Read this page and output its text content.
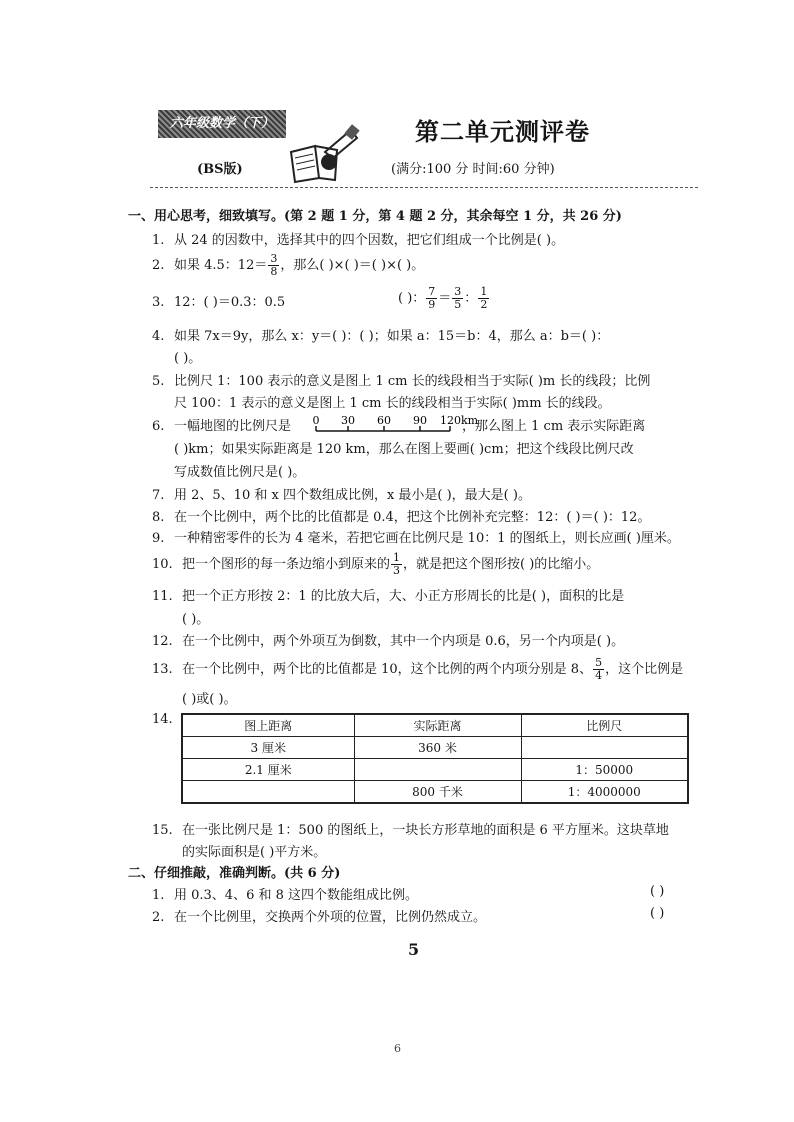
六年级数学（下）	第二单元测评卷
(BS版)	(满分:100 分 时间:60 分钟)
一、用心思考，细致填写。(第 2 题 1 分，第 4 题 2 分，其余每空 1 分，共 26 分)
1. 从 24 的因数中，选择其中的四个因数，把它们组成一个比例是( )。
2. 如果 4.5：$12= \frac{3}{8}$ ，那么( )×( )＝( )×( )。
3. 12：( )＝0.3：0.5	( )： $\frac{7}{9} = \frac{3}{5}$ ： $\frac{1}{2}$
4. 如果 7x＝9y，那么 x：y＝( )：( )；如果 a：15＝b：4，那么 a：b＝( )：
( )。
5. 比例尺 1：100 表示的意义是图上 1 cm 长的线段相当于实际( )m 长的线段；比例
尺 100：1 表示的意义是图上 1 cm 长的线段相当于实际( )mm 长的线段。
6. 一幅地图的比例尺是 0 30 60 90 120km
，那么图上 1 cm 表示实际距离
( )km；如果实际距离是 120 km，那么在图上要画( )cm；把这个线段比例尺改
写成数值比例尺是( )。
7. 用 2、5、10 和 x 四个数组成比例，x 最小是( )，最大是( )。
8. 在一个比例中，两个比的比值都是 0.4，把这个比例补充完整：12：( )＝( )：12。
9. 一种精密零件的长为 4 毫米，若把它画在比例尺是 10：1 的图纸上，则长应画( )厘米。
10. 把一个图形的每一条边缩小到原来的 $\frac{1}{3}$ ，就是把这个图形按( )的比缩小。
11. 把一个正方形按 2：1 的比放大后，大、小正方形周长的比是( )，面积的比是
( )。
12. 在一个比例中，两个外项互为倒数，其中一个内项是 0.6，另一个内项是( )。
13. 在一个比例中，两个比的比值都是 10，这个比例的两个内项分别是 8、 $\frac{5}{4}$ ，这个比例是
( )或( )。
14.	图上距离	实际距离	比例尺
3 厘米	360 米	
2.1 厘米		1：50000
	800 千米	1：4000000
15. 在一张比例尺是 1：500 的图纸上，一块长方形草地的面积是 6 平方厘米。这块草地
的实际面积是( )平方米。
二、仔细推敲，准确判断。(共 6 分)
1. 用 0.3、4、6 和 8 这四个数能组成比例。	( )
2. 在一个比例里，交换两个外项的位置，比例仍然成立。	( )
5
6
